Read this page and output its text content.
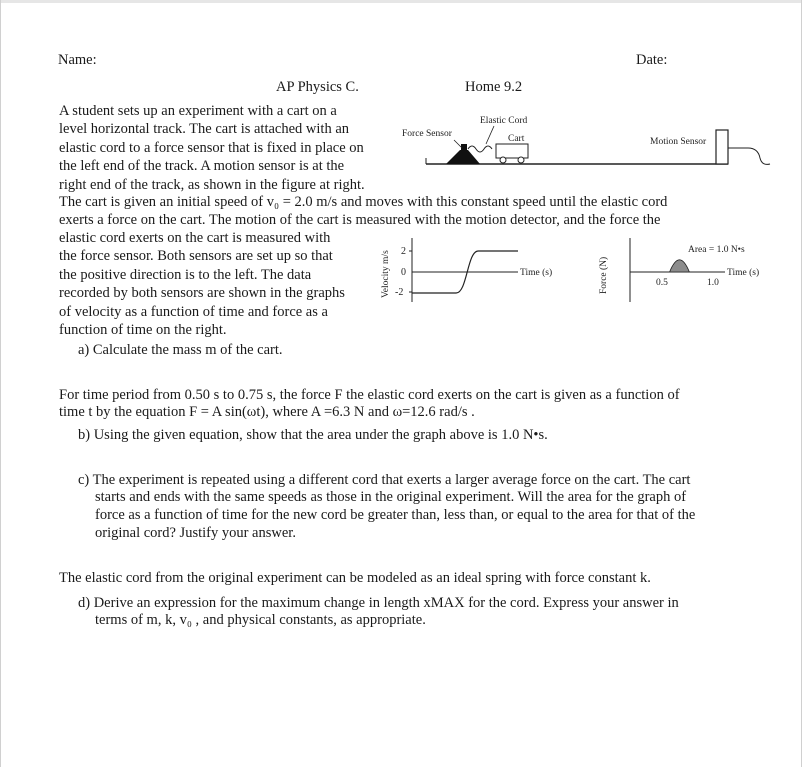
Name:	Date:
AP Physics C.	Home 9.2

A student sets up an experiment with a cart on a

level horizontal track. The cart is attached with an

elastic cord to a force sensor that is fixed in place on

the left end of the track. A motion sensor is at the

right end of the track, as shown in the figure at right.

The cart is given an initial speed of v₀ = 2.0 m/s and moves with this constant speed until the elastic cord
exerts a force on the cart. The motion of the cart is measured with the motion detector, and the force the

elastic cord exerts on the cart is measured with

the force sensor. Both sensors are set up so that

the positive direction is to the left. The data

recorded by both sensors are shown in the graphs

of velocity as a function of time and force as a

function of time on the right.

a) Calculate the mass m of the cart.
Force Sensor
Elastic Cord
Cart	Motion Sensor
Velocity m/s 2
0
-2
Time (s)	Force (N)
Area = 1.0 N•s
0.5	1.0
Time (s)
For time period from 0.50 s to 0.75 s, the force F the elastic cord exerts on the cart is given as a function of
time t by the equation F = A sin(ωt), where A =6.3 N and ω=12.6 rad/s .
b) Using the given equation, show that the area under the graph above is 1.0 N•s.
c) The experiment is repeated using a different cord that exerts a larger average force on the cart. The cart
starts and ends with the same speeds as those in the original experiment. Will the area for the graph of
force as a function of time for the new cord be greater than, less than, or equal to the area for that of the
original cord? Justify your answer.
The elastic cord from the original experiment can be modeled as an ideal spring with force constant k.
d) Derive an expression for the maximum change in length xMAX for the cord. Express your answer in
terms of m, k, v₀ , and physical constants, as appropriate.
